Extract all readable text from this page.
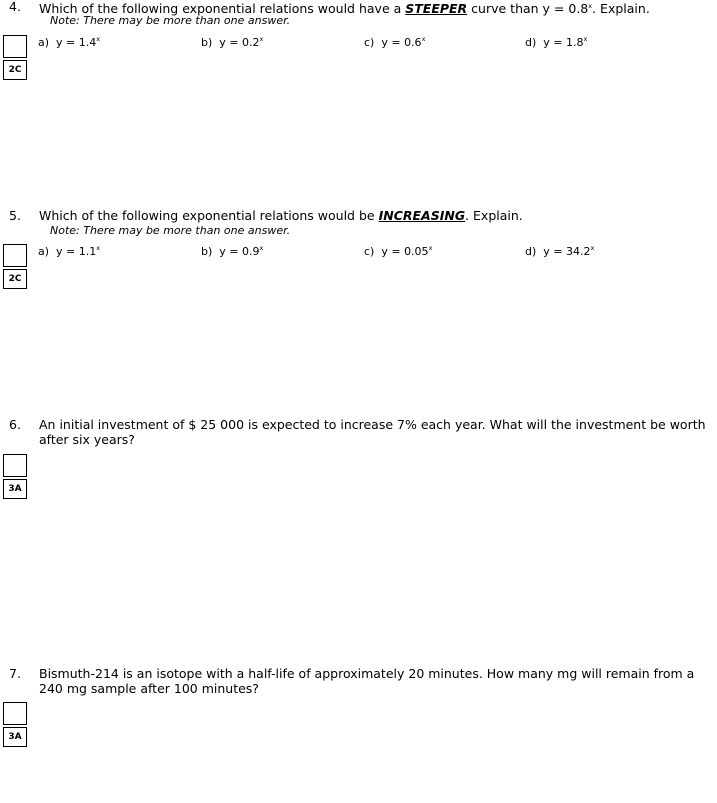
4. Which of the following exponential relations would have a STEEPER curve than $y = 0.8^x$. Explain.
Note: There may be more than one answer.
a) $y = 1.4^x$	b) $y = 0.2^x$	c) $y = 0.6^x$	d) $y = 1.8^x$
2C
5. Which of the following exponential relations would be INCREASING. Explain.
Note: There may be more than one answer.
a) $y = 1.1^x$	b) $y = 0.9^x$	c) $y = 0.05^x$	d) $y = 34.2^x$
2C
6. An initial investment of $ 25 000 is expected to increase 7% each year. What will the investment be worth after six years?
3A
7. Bismuth-214 is an isotope with a half-life of approximately 20 minutes. How many mg will remain from a 240 mg sample after 100 minutes?
3A
